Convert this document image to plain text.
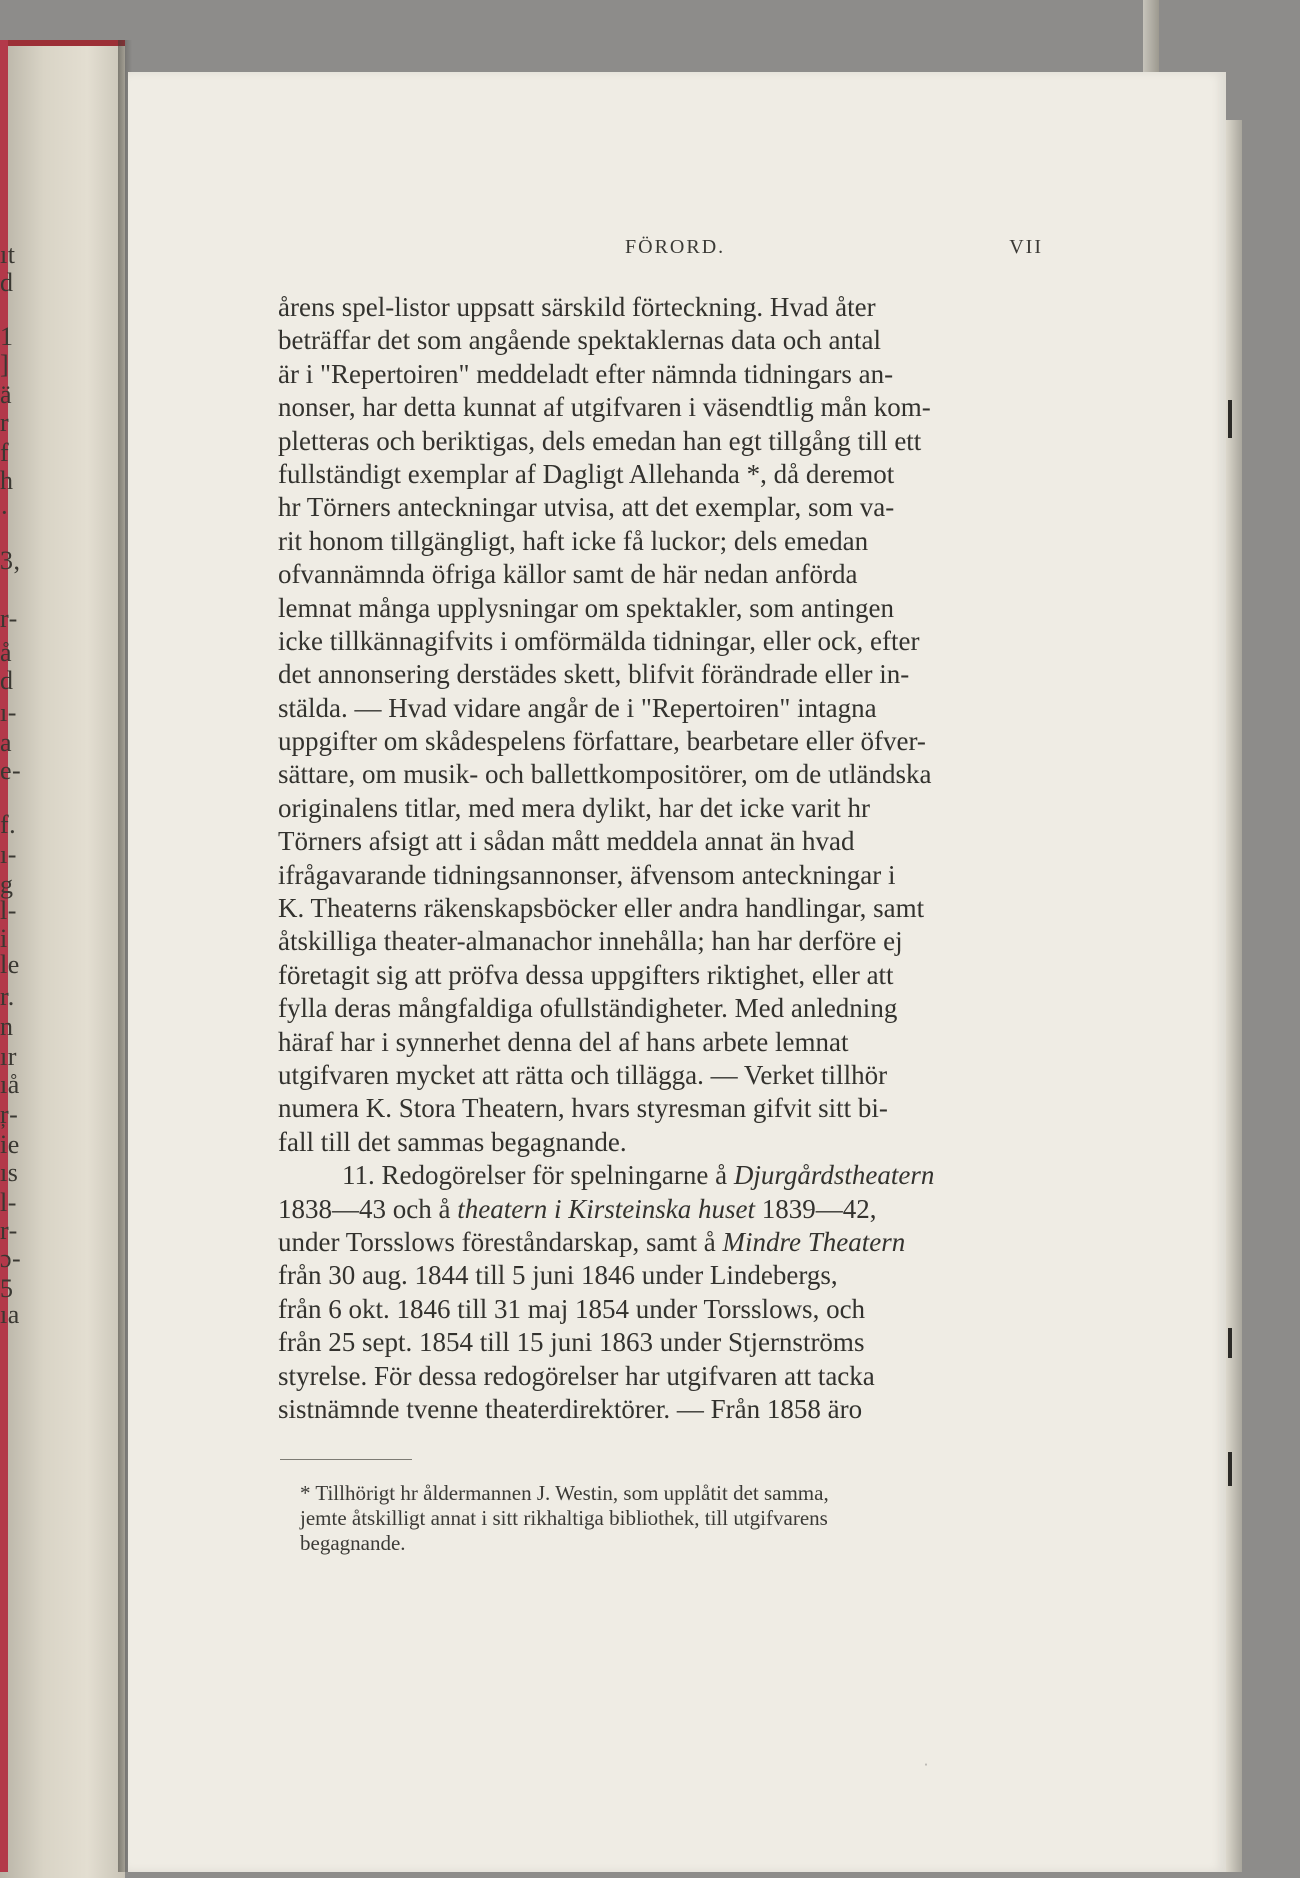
ıt
d
1
]
ä
r
f
h
·
3,
r-
å
d
ı-
a
e-
f.
ı-
g
l-
i
le
r.
n
ır
ıå
ŗ-
ie
ıs
l-
r-
ɔ-
5
ıa
FÖRORD.	VII
årens spel-listor uppsatt särskild förteckning. Hvad åter
beträffar det som angående spektaklernas data och antal
är i "Repertoiren" meddeladt efter nämnda tidningars an-
nonser, har detta kunnat af utgifvaren i väsendtlig mån kom-
pletteras och beriktigas, dels emedan han egt tillgång till ett
fullständigt exemplar af Dagligt Allehanda *, då deremot
hr Törners anteckningar utvisa, att det exemplar, som va-
rit honom tillgängligt, haft icke få luckor; dels emedan
ofvannämnda öfriga källor samt de här nedan anförda
lemnat många upplysningar om spektakler, som antingen
icke tillkännagifvits i omförmälda tidningar, eller ock, efter
det annonsering derstädes skett, blifvit förändrade eller in-
stälda. — Hvad vidare angår de i "Repertoiren" intagna
uppgifter om skådespelens författare, bearbetare eller öfver-
sättare, om musik- och ballettkompositörer, om de utländska
originalens titlar, med mera dylikt, har det icke varit hr
Törners afsigt att i sådan mått meddela annat än hvad
ifrågavarande tidningsannonser, äfvensom anteckningar i
K. Theaterns räkenskapsböcker eller andra handlingar, samt
åtskilliga theater-almanachor innehålla; han har derföre ej
företagit sig att pröfva dessa uppgifters riktighet, eller att
fylla deras mångfaldiga ofullständigheter. Med anledning
häraf har i synnerhet denna del af hans arbete lemnat
utgifvaren mycket att rätta och tillägga. — Verket tillhör
numera K. Stora Theatern, hvars styresman gifvit sitt bi-
fall till det sammas begagnande.
11. Redogörelser för spelningarne å Djurgårdstheatern
1838—43 och å theatern i Kirsteinska huset 1839—42,
under Torsslows föreståndarskap, samt å Mindre Theatern
från 30 aug. 1844 till 5 juni 1846 under Lindebergs,
från 6 okt. 1846 till 31 maj 1854 under Torsslows, och
från 25 sept. 1854 till 15 juni 1863 under Stjernströms
styrelse. För dessa redogörelser har utgifvaren att tacka
sistnämnde tvenne theaterdirektörer. — Från 1858 äro
* Tillhörigt hr åldermannen J. Westin, som upplåtit det samma,
jemte åtskilligt annat i sitt rikhaltiga bibliothek, till utgifvarens
begagnande.
ˌ
